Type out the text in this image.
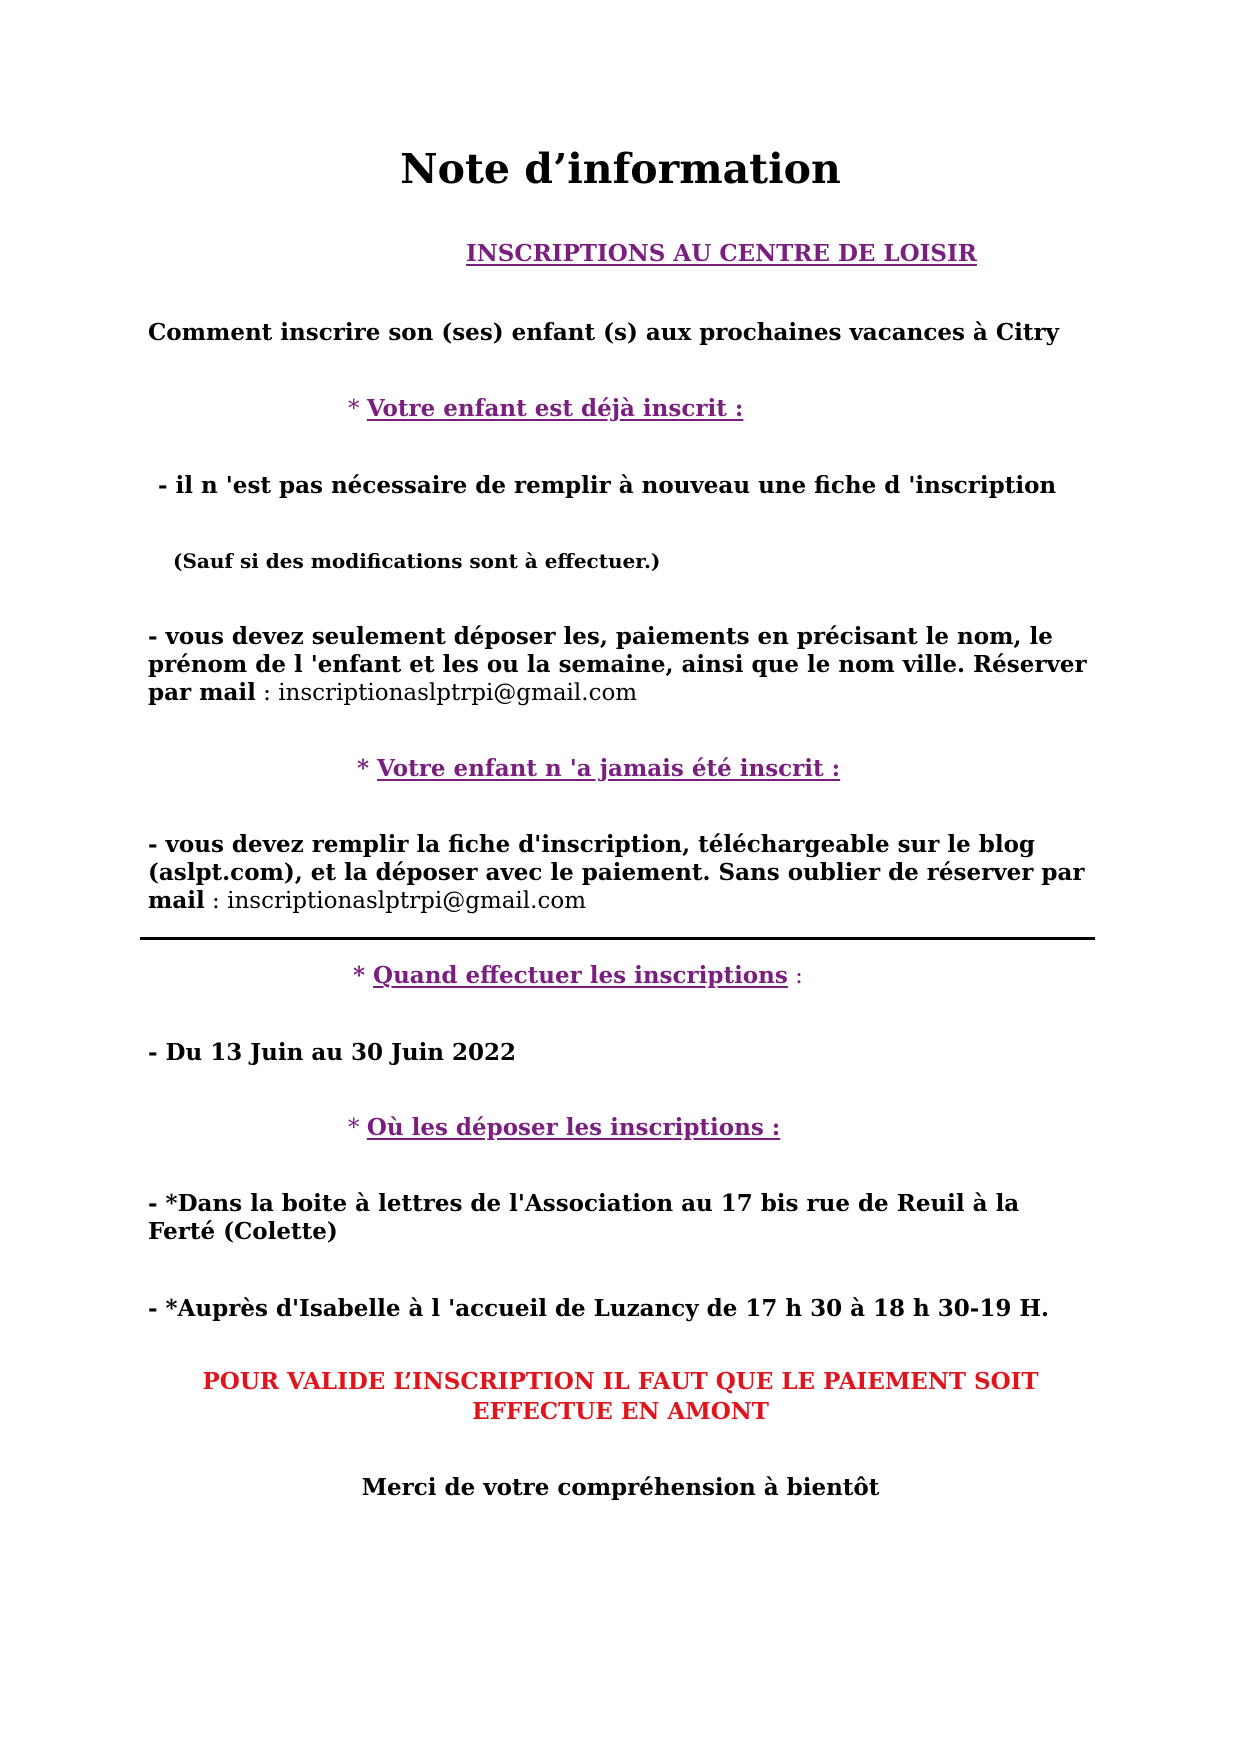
Note d’information
INSCRIPTIONS AU CENTRE DE LOISIR
Comment inscrire son (ses) enfant (s) aux prochaines vacances à Citry
* Votre enfant est déjà inscrit :
- il n 'est pas nécessaire de remplir à nouveau une fiche d 'inscription
(Sauf si des modifications sont à effectuer.)
- vous devez seulement déposer les, paiements en précisant le nom, le
prénom de l 'enfant et les ou la semaine, ainsi que le nom ville. Réserver
par mail : inscriptionaslptrpi@gmail.com
* Votre enfant n 'a jamais été inscrit :
- vous devez remplir la fiche d'inscription, téléchargeable sur le blog
(aslpt.com), et la déposer avec le paiement. Sans oublier de réserver par
mail : inscriptionaslptrpi@gmail.com
* Quand effectuer les inscriptions :
- Du 13 Juin au 30 Juin 2022
* Où les déposer les inscriptions :
- *Dans la boite à lettres de l'Association au 17 bis rue de Reuil à la
Ferté (Colette)
- *Auprès d'Isabelle à l 'accueil de Luzancy de 17 h 30 à 18 h 30-19 H.
POUR VALIDE L’INSCRIPTION IL FAUT QUE LE PAIEMENT SOIT
EFFECTUE EN AMONT
Merci de votre compréhension à bientôt
